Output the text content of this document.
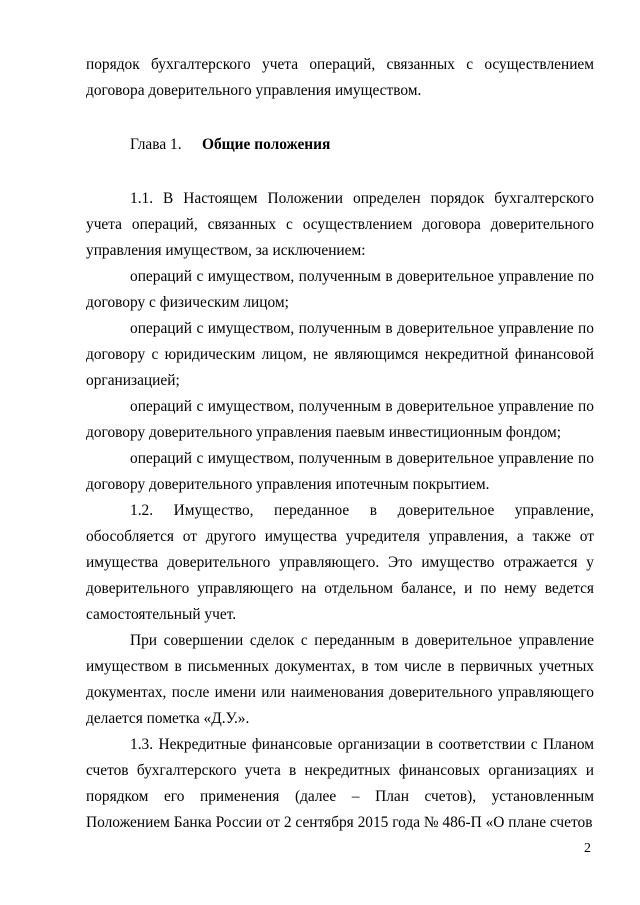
порядок бухгалтерского учета операций, связанных с осуществлением договора доверительного управления имуществом.

Глава 1. Общие положения

1.1. В Настоящем Положении определен порядок бухгалтерского учета операций, связанных с осуществлением договора доверительного управления имуществом, за исключением:

операций с имуществом, полученным в доверительное управление по договору с физическим лицом;

операций с имуществом, полученным в доверительное управление по договору с юридическим лицом, не являющимся некредитной финансовой организацией;

операций с имуществом, полученным в доверительное управление по договору доверительного управления паевым инвестиционным фондом;

операций с имуществом, полученным в доверительное управление по договору доверительного управления ипотечным покрытием.

1.2. Имущество, переданное в доверительное управление, обособляется от другого имущества учредителя управления, а также от имущества доверительного управляющего. Это имущество отражается у доверительного управляющего на отдельном балансе, и по нему ведется самостоятельный учет.

При совершении сделок с переданным в доверительное управление имуществом в письменных документах, в том числе в первичных учетных документах, после имени или наименования доверительного управляющего делается пометка «Д.У.».

1.3. Некредитные финансовые организации в соответствии с Планом счетов бухгалтерского учета в некредитных финансовых организациях и порядком его применения (далее – План счетов), установленным Положением Банка России от 2 сентября 2015 года № 486-П «О плане счетов

2
